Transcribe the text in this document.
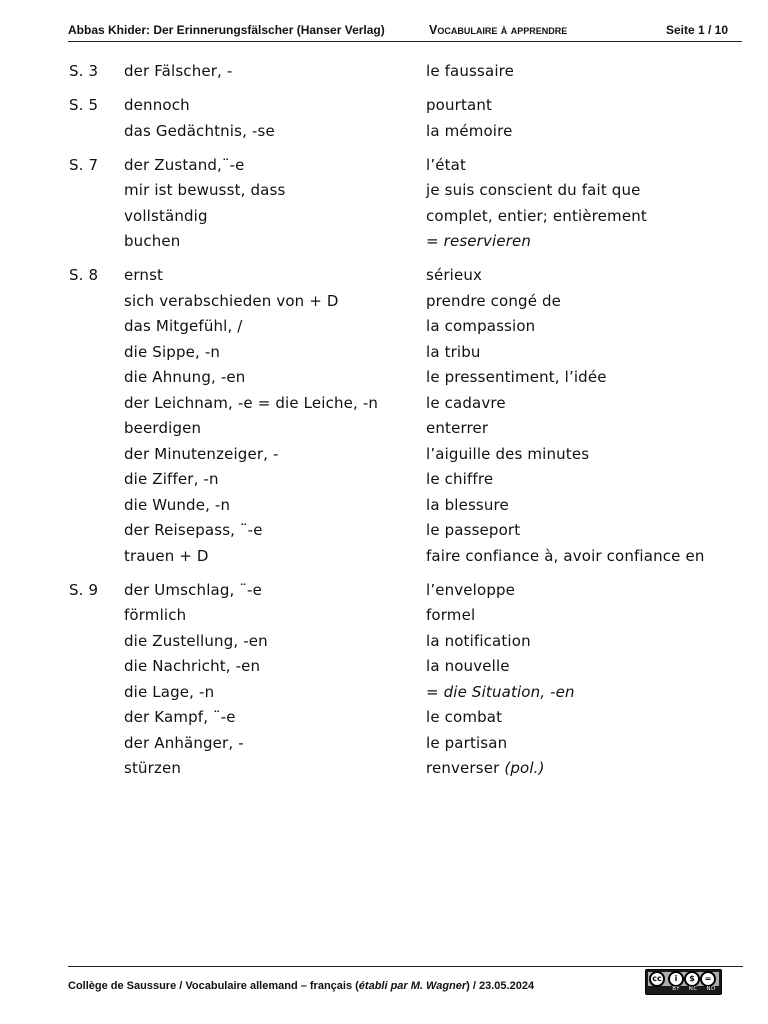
Abbas Khider: Der Erinnerungsfälscher (Hanser Verlag)	Vocabulaire à apprendre	Seite 1 / 10
S. 3 der Fälscher, -	le faussaire
S. 5 dennoch	pourtant
das Gedächtnis, -se	la mémoire
S. 7 der Zustand,¨-e	l’état
mir ist bewusst, dass	je suis conscient du fait que
vollständig	complet, entier; entièrement
buchen	= reservieren
S. 8 ernst	sérieux
sich verabschieden von + D	prendre congé de
das Mitgefühl, /	la compassion
die Sippe, -n	la tribu
die Ahnung, -en	le pressentiment, l’idée
der Leichnam, -e = die Leiche, -n	le cadavre
beerdigen	enterrer
der Minutenzeiger, -	l’aiguille des minutes
die Ziffer, -n	le chiffre
die Wunde, -n	la blessure
der Reisepass, ¨-e	le passeport
trauen + D	faire confiance à, avoir confiance en
S. 9 der Umschlag, ¨-e	l’enveloppe
förmlich	formel
die Zustellung, -en	la notification
die Nachricht, -en	la nouvelle
die Lage, -n	= die Situation, -en
der Kampf, ¨-e	le combat
der Anhänger, -	le partisan
stürzen	renverser (pol.)
Collège de Saussure / Vocabulaire allemand – français (établi par M. Wagner) / 23.05.2024
cc	i	$	=
BY NC ND
